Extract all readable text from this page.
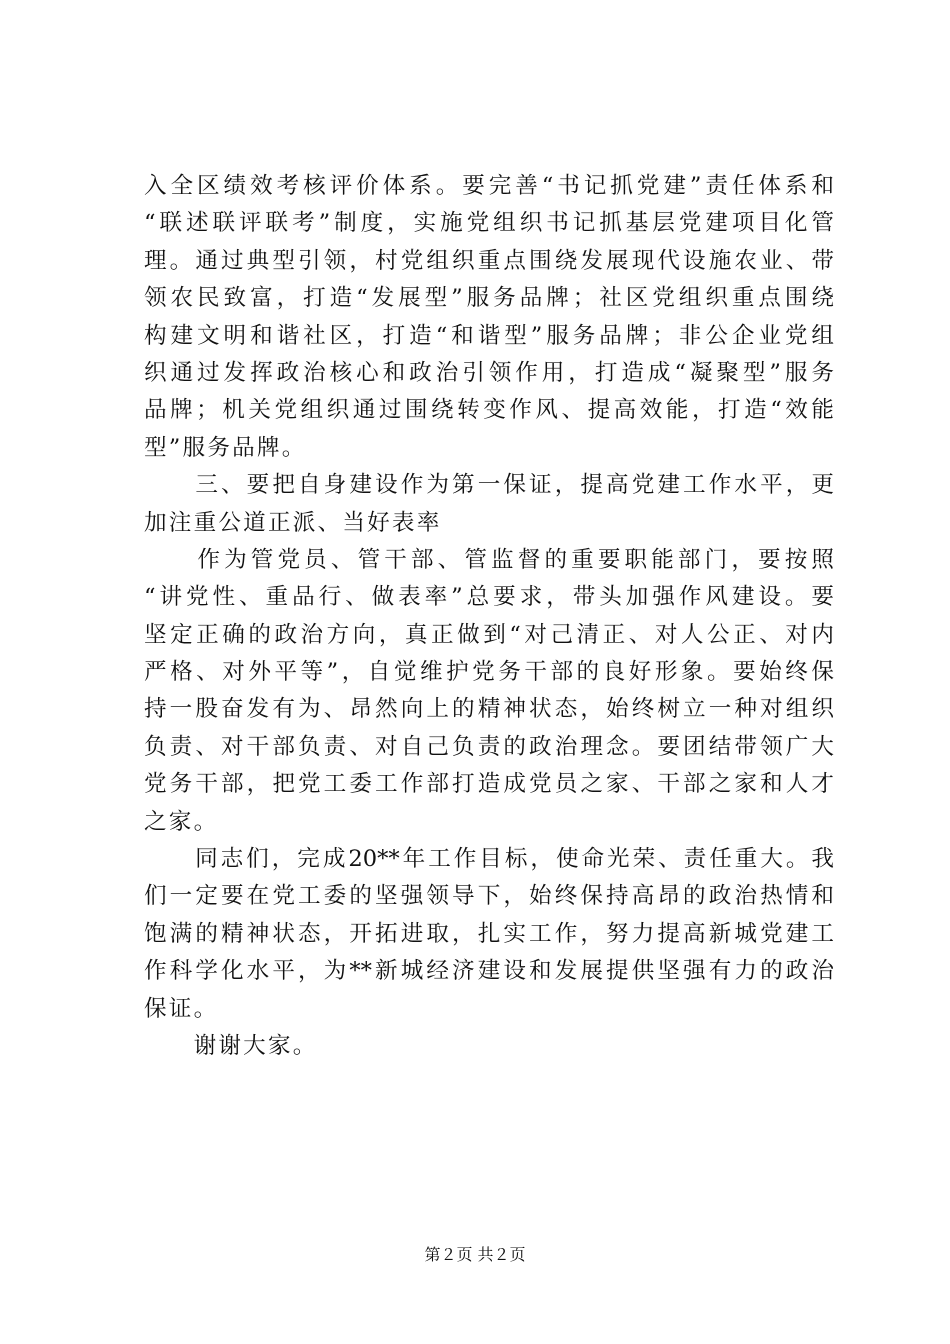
入全区绩效考核评价体系。要完善“书记抓党建”责任体系和
“联述联评联考”制度，实施党组织书记抓基层党建项目化管
理。通过典型引领，村党组织重点围绕发展现代设施农业、带
领农民致富，打造“发展型”服务品牌；社区党组织重点围绕
构建文明和谐社区，打造“和谐型”服务品牌；非公企业党组
织通过发挥政治核心和政治引领作用，打造成“凝聚型”服务
品牌；机关党组织通过围绕转变作风、提高效能，打造“效能
型”服务品牌。
　　三、要把自身建设作为第一保证，提高党建工作水平，更
加注重公道正派、当好表率
　　作为管党员、管干部、管监督的重要职能部门，要按照
“讲党性、重品行、做表率”总要求，带头加强作风建设。要
坚定正确的政治方向，真正做到“对己清正、对人公正、对内
严格、对外平等”，自觉维护党务干部的良好形象。要始终保
持一股奋发有为、昂然向上的精神状态，始终树立一种对组织
负责、对干部负责、对自己负责的政治理念。要团结带领广大
党务干部，把党工委工作部打造成党员之家、干部之家和人才
之家。
　　同志们，完成20**年工作目标，使命光荣、责任重大。我
们一定要在党工委的坚强领导下，始终保持高昂的政治热情和
饱满的精神状态，开拓进取，扎实工作，努力提高新城党建工
作科学化水平，为**新城经济建设和发展提供坚强有力的政治
保证。
　　谢谢大家。
第２页 共２页
